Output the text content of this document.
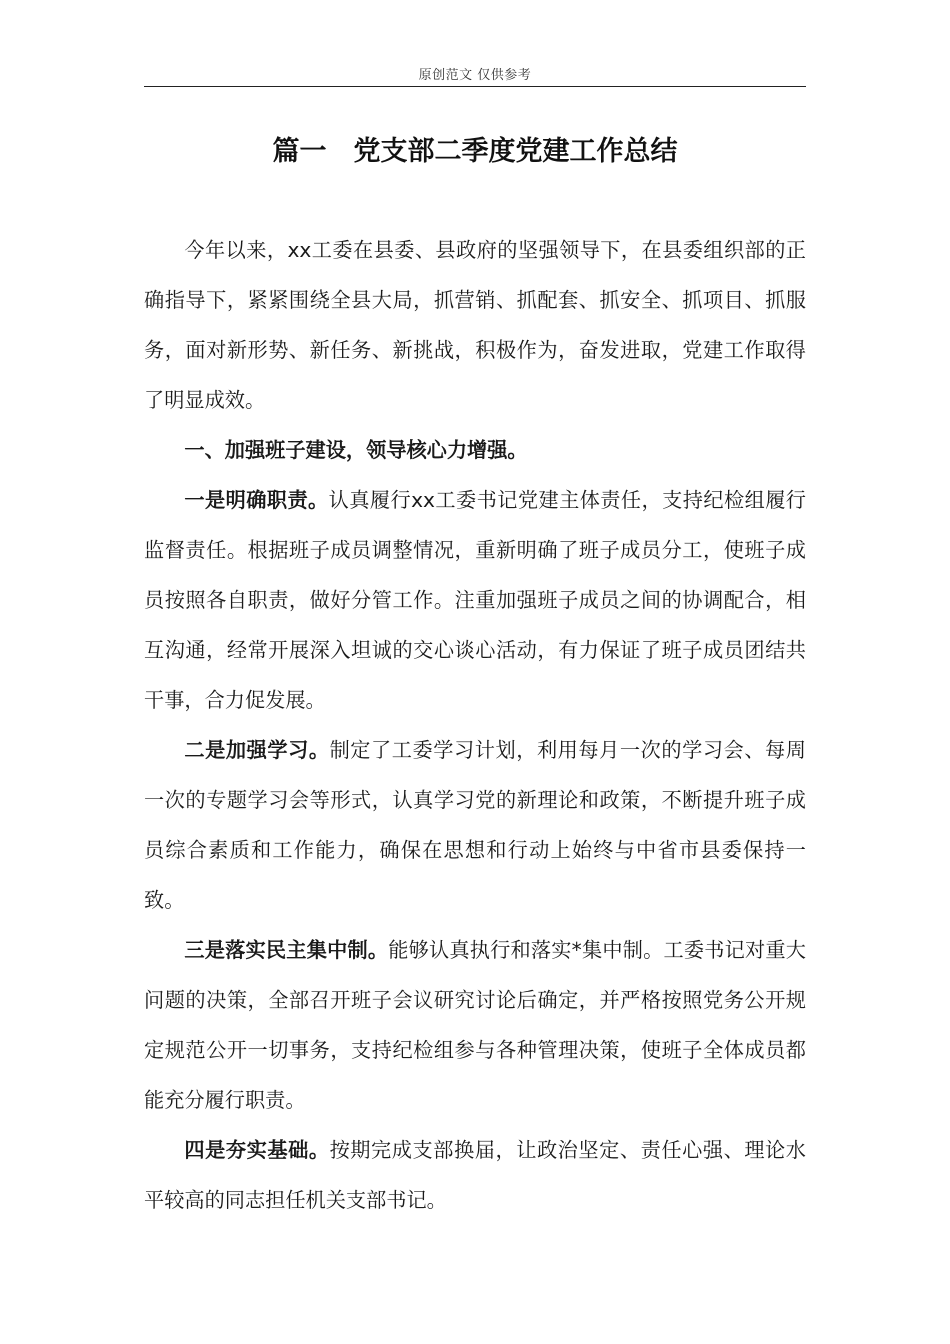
原创范文 仅供参考
篇一　党支部二季度党建工作总结

今年以来，xx工委在县委、县政府的坚强领导下，在县委组织部的正确指导下，紧紧围绕全县大局，抓营销、抓配套、抓安全、抓项目、抓服务，面对新形势、新任务、新挑战，积极作为，奋发进取，党建工作取得了明显成效。

一、加强班子建设，领导核心力增强。

一是明确职责。认真履行xx工委书记党建主体责任，支持纪检组履行监督责任。根据班子成员调整情况，重新明确了班子成员分工，使班子成员按照各自职责，做好分管工作。注重加强班子成员之间的协调配合，相互沟通，经常开展深入坦诚的交心谈心活动，有力保证了班子成员团结共干事，合力促发展。

二是加强学习。制定了工委学习计划，利用每月一次的学习会、每周一次的专题学习会等形式，认真学习党的新理论和政策，不断提升班子成员综合素质和工作能力，确保在思想和行动上始终与中省市县委保持一致。

三是落实民主集中制。能够认真执行和落实*集中制。工委书记对重大问题的决策，全部召开班子会议研究讨论后确定，并严格按照党务公开规定规范公开一切事务，支持纪检组参与各种管理决策，使班子全体成员都能充分履行职责。

四是夯实基础。按期完成支部换届，让政治坚定、责任心强、理论水平较高的同志担任机关支部书记。
